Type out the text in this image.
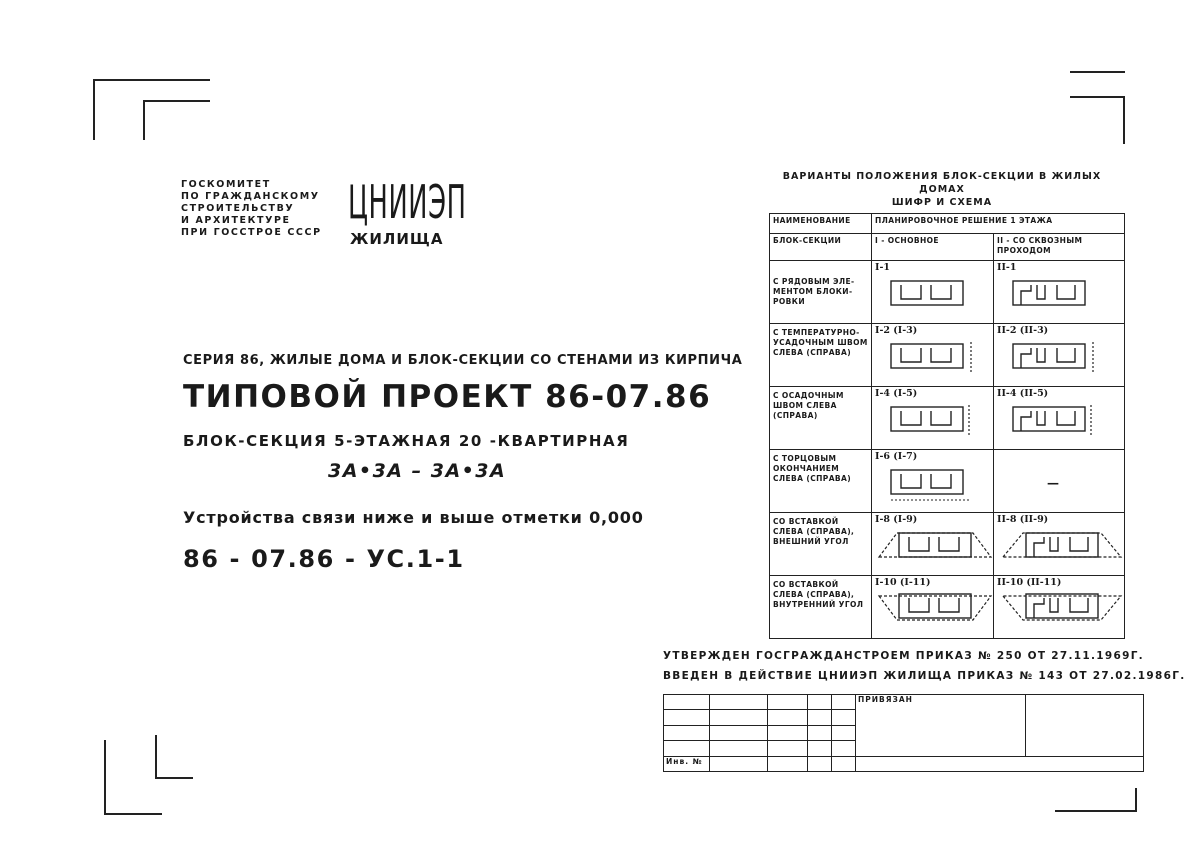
ГОСКОМИТЕТ
ПО ГРАЖДАНСКОМУ
СТРОИТЕЛЬСТВУ
И АРХИТЕКТУРЕ
ПРИ ГОССТРОЕ СССР
ЦНИИЭП
ЖИЛИЩА
СЕРИЯ 86, ЖИЛЫЕ ДОМА И БЛОК-СЕКЦИИ СО СТЕНАМИ ИЗ КИРПИЧА
ТИПОВОЙ ПРОЕКТ 86-07.86
БЛОК-СЕКЦИЯ 5-ЭТАЖНАЯ 20 -КВАРТИРНАЯ
3А•3А – 3А•3А
Устройства связи ниже и выше отметки 0,000
86 - 07.86 - УС.1-1
ВАРИАНТЫ ПОЛОЖЕНИЯ БЛОК-СЕКЦИИ В ЖИЛЫХ ДОМАХ
ШИФР И СХЕМА
НАИМЕНОВАНИЕ	ПЛАНИРОВОЧНОЕ РЕШЕНИЕ 1 ЭТАЖА	
БЛОК-СЕКЦИИ	I - ОСНОВНОЕ	II - СО СКВОЗНЫМ ПРОХОДОМ

С РЯДОВЫМ ЭЛЕ-МЕНТОМ БЛОКИ-РОВКИ	I-1	II-1

С ТЕМПЕРАТУРНО-УСАДОЧНЫМ ШВОМ СЛЕВА (СПРАВА)	I-2 (I-3)	II-2 (II-3)

С ОСАДОЧНЫМ ШВОМ СЛЕВА (СПРАВА)	I-4 (I-5)	II-4 (II-5)

С ТОРЦОВЫМ ОКОНЧАНИЕМ СЛЕВА (СПРАВА)	I-6 (I-7)	—

СО ВСТАВКОЙ СЛЕВА (СПРАВА), ВНЕШНИЙ УГОЛ	I-8 (I-9)	II-8 (II-9)

СО ВСТАВКОЙ СЛЕВА (СПРАВА), ВНУТРЕННИЙ УГОЛ	I-10 (I-11)	II-10 (II-11)
УТВЕРЖДЕН ГОСГРАЖДАНСТРОЕМ ПРИКАЗ № 250 ОТ 27.11.1969Г.
ВВЕДЕН В ДЕЙСТВИЕ ЦНИИЭП ЖИЛИЩА ПРИКАЗ № 143 ОТ 27.02.1986Г.
					ПРИВЯЗАН	

Инв. №						
